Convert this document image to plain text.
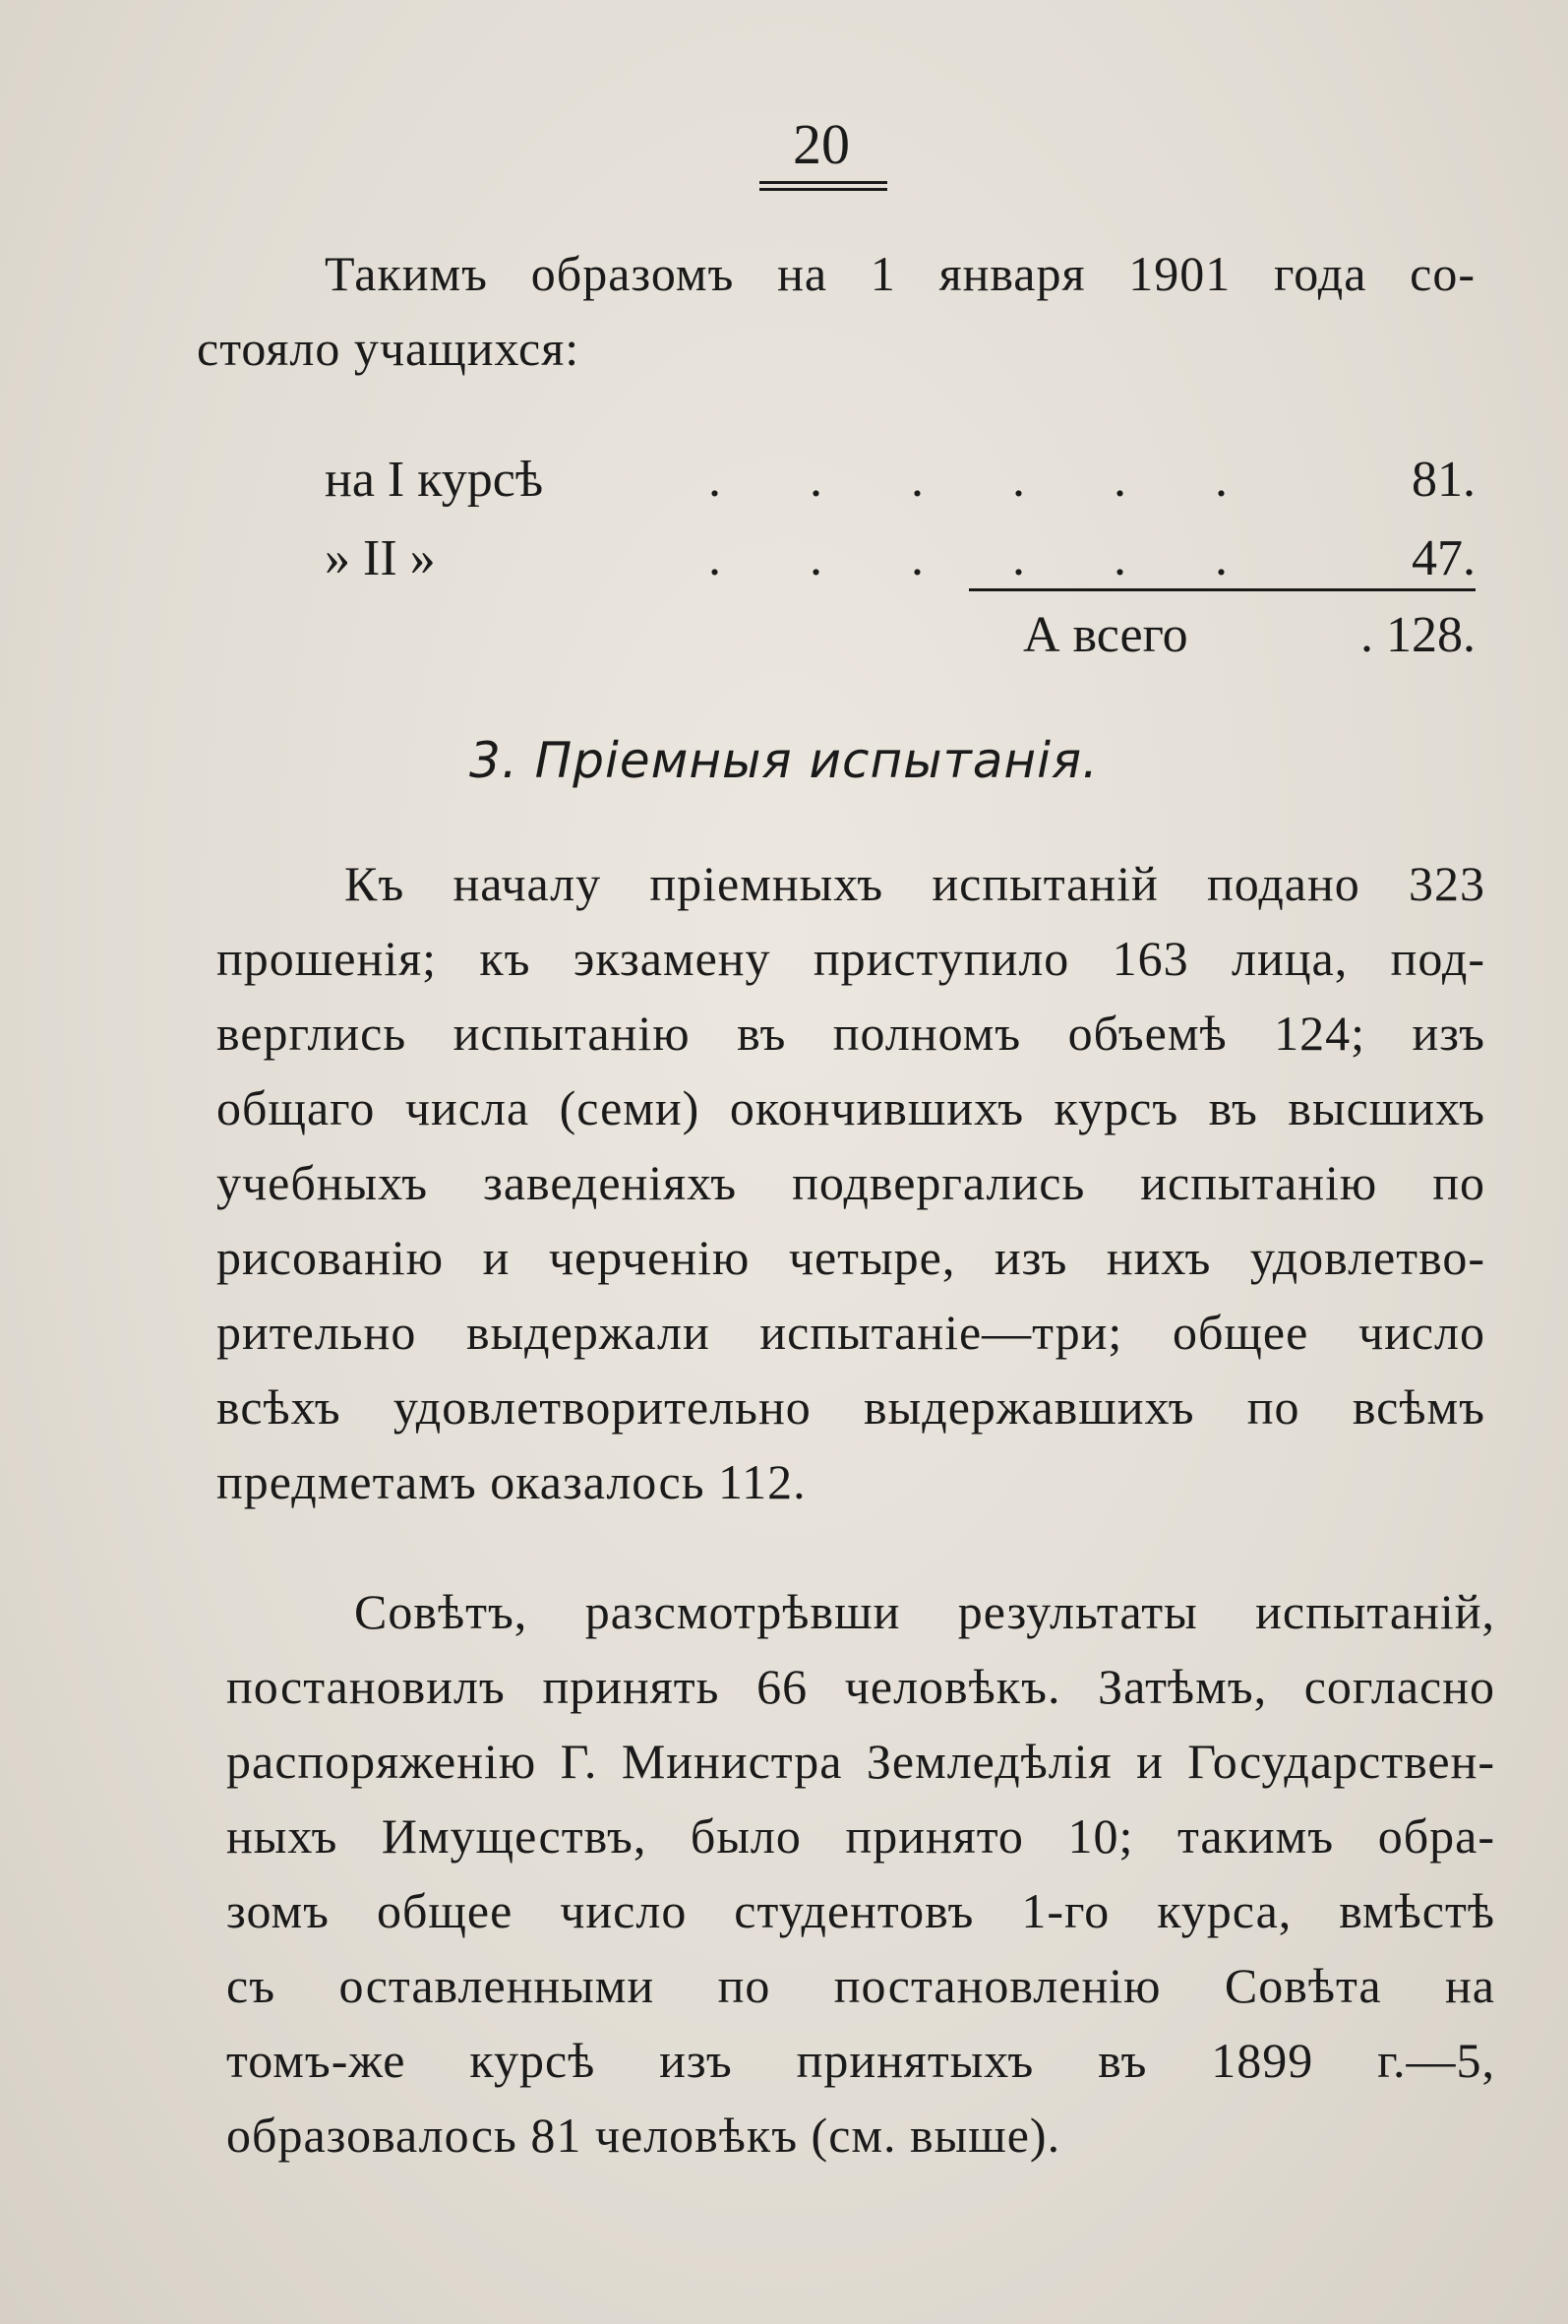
20
Такимъ образомъ на 1 января 1901 года со-
стояло учащихся:
на I курсѣ	. . . . . .	81.
» II »	. . . . . .	47.
А всего	. 128.
3. Пріемныя испытанія.
Къ началу пріемныхъ испытаній подано 323
прошенія; къ экзамену приступило 163 лица, под-
верглись испытанію въ полномъ объемѣ 124; изъ
общаго числа (семи) окончившихъ курсъ въ высшихъ
учебныхъ заведеніяхъ подвергались испытанію по
рисованію и черченію четыре, изъ нихъ удовлетво-
рительно выдержали испытаніе—три; общее число
всѣхъ удовлетворительно выдержавшихъ по всѣмъ
предметамъ оказалось 112.
Совѣтъ, разсмотрѣвши результаты испытаній,
постановилъ принять 66 человѣкъ. Затѣмъ, согласно
распоряженію Г. Министра Земледѣлія и Государствен-
ныхъ Имуществъ, было принято 10; такимъ обра-
зомъ общее число студентовъ 1-го курса, вмѣстѣ
съ оставленными по постановленію Совѣта на
томъ-же курсѣ изъ принятыхъ въ 1899 г.—5,
образовалось 81 человѣкъ (см. выше).
